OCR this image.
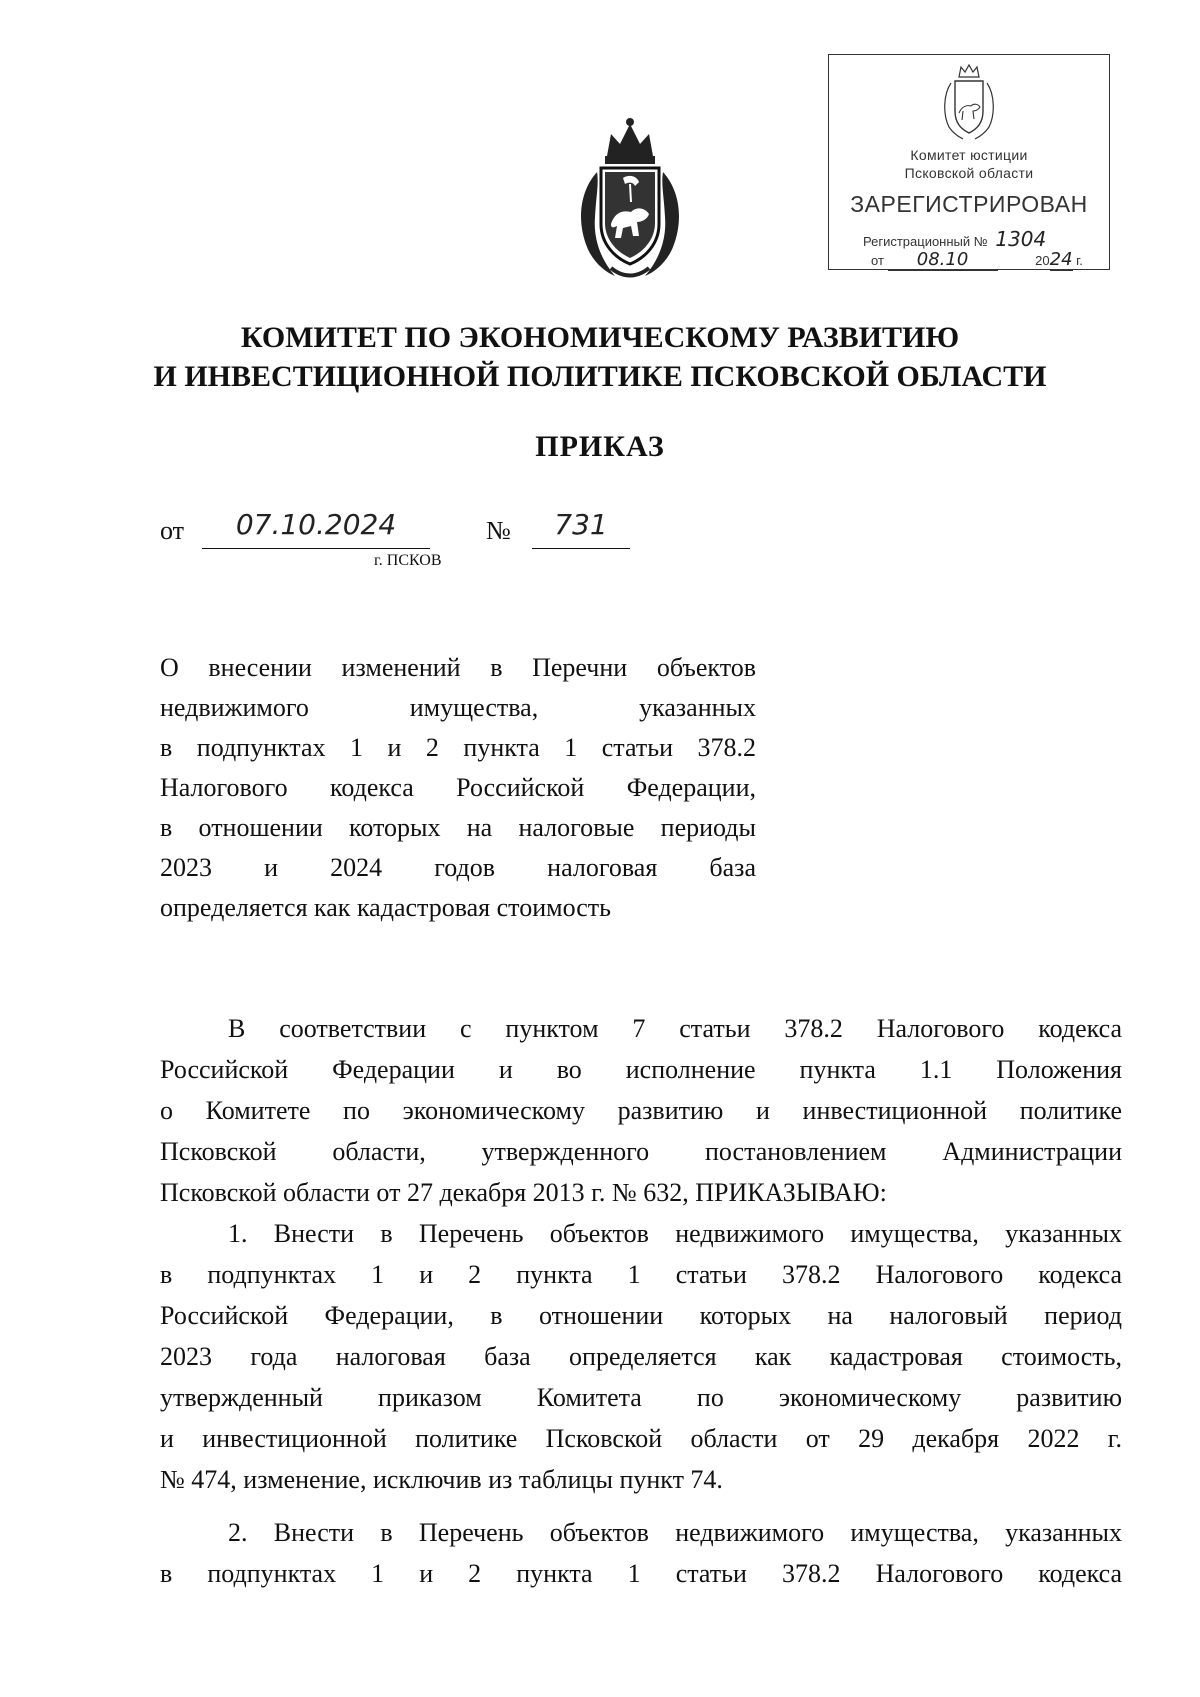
Комитет юстиции
Псковской области
ЗАРЕГИСТРИРОВАН
Регистрационный № 1304
от 08.10	2024 г.
КОМИТЕТ ПО ЭКОНОМИЧЕСКОМУ РАЗВИТИЮ
И ИНВЕСТИЦИОННОЙ ПОЛИТИКЕ ПСКОВСКОЙ ОБЛАСТИ
ПРИКАЗ
от	07.10.2024	№	731
г. ПСКОВ
О внесении изменений в Перечни объектов
недвижимого имущества, указанных
в подпунктах 1 и 2 пункта 1 статьи 378.2
Налогового кодекса Российской Федерации,
в отношении которых на налоговые периоды
2023 и 2024 годов налоговая база
определяется как кадастровая стоимость
В соответствии с пунктом 7 статьи 378.2 Налогового кодекса
Российской Федерации и во исполнение пункта 1.1 Положения
о Комитете по экономическому развитию и инвестиционной политике
Псковской области, утвержденного постановлением Администрации
Псковской области от 27 декабря 2013 г. № 632, ПРИКАЗЫВАЮ:
1. Внести в Перечень объектов недвижимого имущества, указанных
в подпунктах 1 и 2 пункта 1 статьи 378.2 Налогового кодекса
Российской Федерации, в отношении которых на налоговый период
2023 года налоговая база определяется как кадастровая стоимость,
утвержденный приказом Комитета по экономическому развитию
и инвестиционной политике Псковской области от 29 декабря 2022 г.
№ 474, изменение, исключив из таблицы пункт 74.
2. Внести в Перечень объектов недвижимого имущества, указанных
в подпунктах 1 и 2 пункта 1 статьи 378.2 Налогового кодекса
